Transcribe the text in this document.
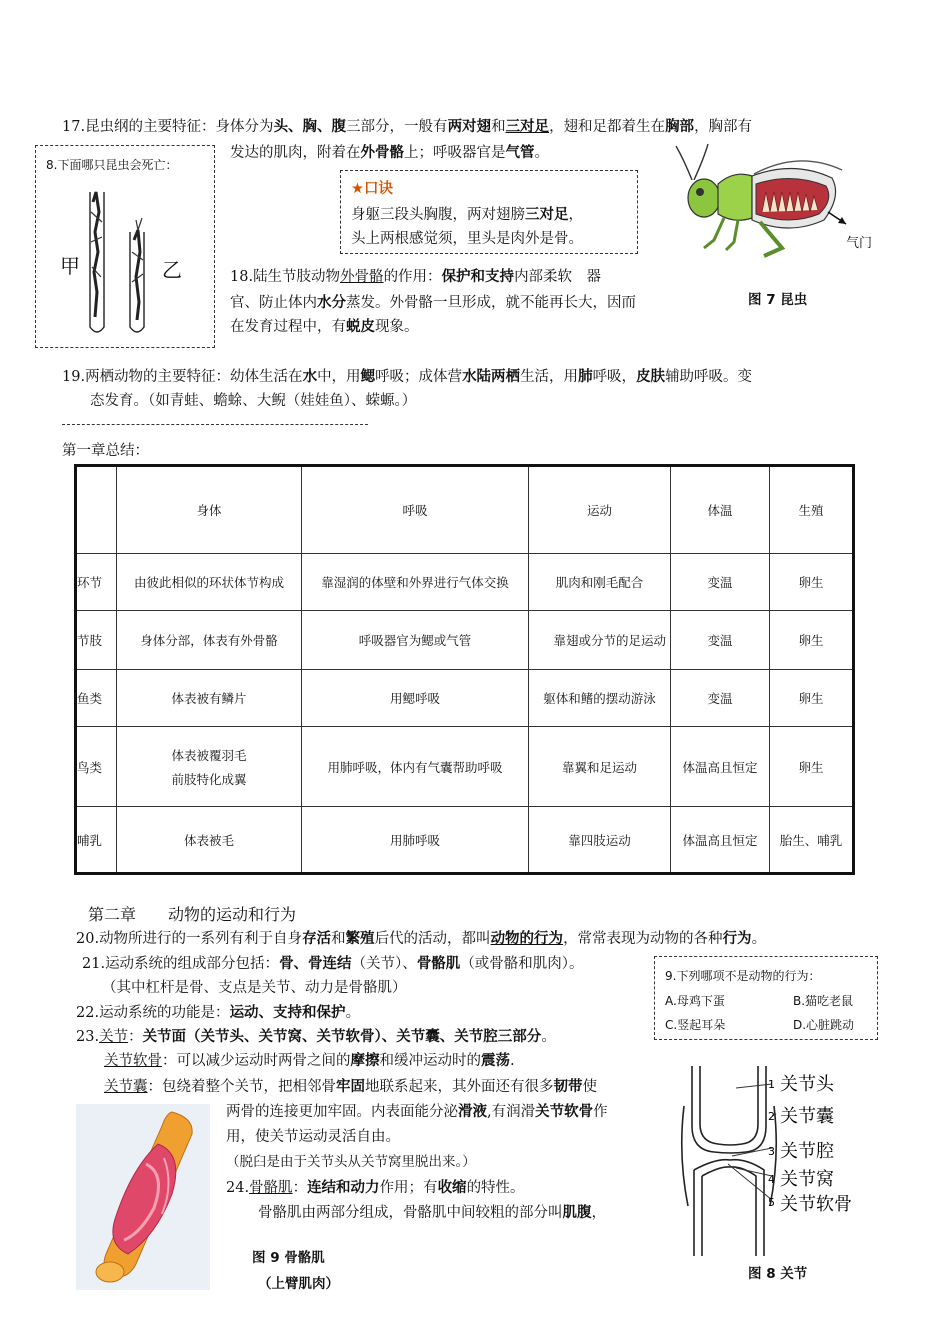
17.昆虫纲的主要特征：身体分为头、胸、腹三部分，一般有两对翅和三对足，翅和足都着生在胸部，胸部有
发达的肌肉，附着在外骨骼上；呼吸器官是气管。
8.下面哪只昆虫会死亡：
甲	乙
★口诀
身躯三段头胸腹，两对翅膀三对足，
头上两根感觉须，里头是肉外是骨。	气门
图 7 昆虫
18.陆生节肢动物外骨骼的作用：保护和支持内部柔软　器
官、防止体内水分蒸发。外骨骼一旦形成，就不能再长大，因而
在发育过程中，有蜕皮现象。
19.两栖动物的主要特征：幼体生活在水中，用鳃呼吸；成体营水陆两栖生活，用肺呼吸，皮肤辅助呼吸。变
态发育。（如青蛙、蟾蜍、大鲵（娃娃鱼）、蝾螈。）
第一章总结：
	身体	呼吸	运动	体温	生殖
环节	由彼此相似的环状体节构成	靠湿润的体壁和外界进行气体交换	肌肉和刚毛配合	变温	卵生
节肢	身体分部，体表有外骨骼	呼吸器官为鳃或气管	靠翅或分节的足运动	变温	卵生
鱼类	体表被有鳞片	用鳃呼吸	躯体和鳍的摆动游泳	变温	卵生
鸟类	体表被覆羽毛
前肢特化成翼	用肺呼吸，体内有气囊帮助呼吸	靠翼和足运动	体温高且恒定	卵生
哺乳	体表被毛	用肺呼吸	靠四肢运动	体温高且恒定	胎生、哺乳
第二章　　动物的运动和行为
20.动物所进行的一系列有利于自身存活和繁殖后代的活动，都叫动物的行为，常常表现为动物的各种行为。
21.运动系统的组成部分包括：骨、骨连结（关节）、骨骼肌（或骨骼和肌肉）。
（其中杠杆是骨、支点是关节、动力是骨骼肌）
9.下列哪项不是动物的行为：
A.母鸡下蛋	B.猫吃老鼠
C.竖起耳朵	D.心脏跳动
22.运动系统的功能是：运动、支持和保护。
23.关节：关节面（关节头、关节窝、关节软骨）、关节囊、关节腔三部分。
关节软骨：可以减少运动时两骨之间的摩擦和缓冲运动时的震荡.
关节囊：包绕着整个关节，把相邻骨牢固地联系起来，其外面还有很多韧带使
两骨的连接更加牢固。内表面能分泌滑液,有润滑关节软骨作
用，使关节运动灵活自由。
（脱臼是由于关节头从关节窝里脱出来。）
24.骨骼肌：连结和动力作用；有收缩的特性。
骨骼肌由两部分组成，骨骼肌中间较粗的部分叫肌腹，
图 9 骨骼肌
（上臂肌肉）
1 关节头
2 关节囊
3 关节腔
4 关节窝
5 关节软骨
图 8 关节
